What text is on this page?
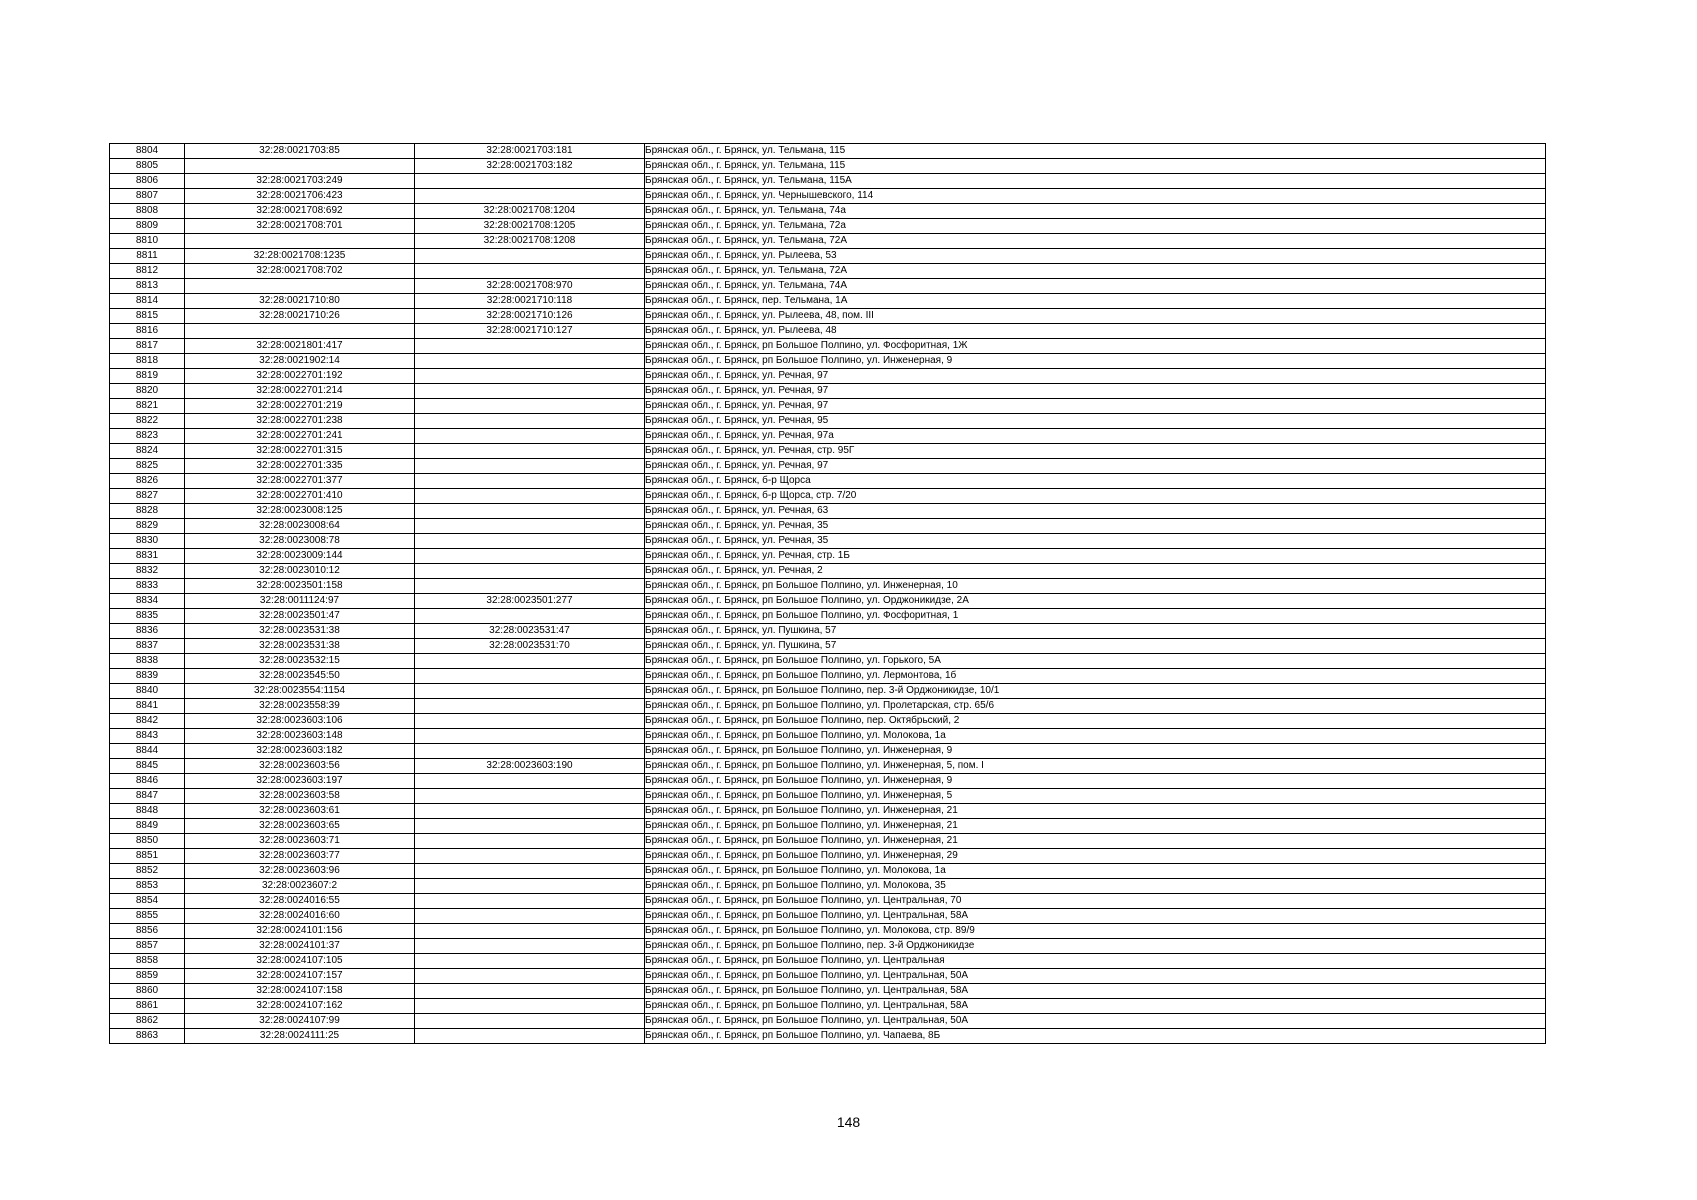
8804	32:28:0021703:85	32:28:0021703:181	Брянская обл., г. Брянск, ул. Тельмана, 115
8805		32:28:0021703:182	Брянская обл., г. Брянск, ул. Тельмана, 115
8806	32:28:0021703:249		Брянская обл., г. Брянск, ул. Тельмана, 115А
8807	32:28:0021706:423		Брянская обл., г. Брянск, ул. Чернышевского, 114
8808	32:28:0021708:692	32:28:0021708:1204	Брянская обл., г. Брянск, ул. Тельмана, 74а
8809	32:28:0021708:701	32:28:0021708:1205	Брянская обл., г. Брянск, ул. Тельмана, 72а
8810		32:28:0021708:1208	Брянская обл., г. Брянск, ул. Тельмана, 72А
8811	32:28:0021708:1235		Брянская обл., г. Брянск, ул. Рылеева, 53
8812	32:28:0021708:702		Брянская обл., г. Брянск, ул. Тельмана, 72А
8813		32:28:0021708:970	Брянская обл., г. Брянск, ул. Тельмана, 74А
8814	32:28:0021710:80	32:28:0021710:118	Брянская обл., г. Брянск, пер. Тельмана, 1А
8815	32:28:0021710:26	32:28:0021710:126	Брянская обл., г. Брянск, ул. Рылеева, 48, пом. III
8816		32:28:0021710:127	Брянская обл., г. Брянск, ул. Рылеева, 48
8817	32:28:0021801:417		Брянская обл., г. Брянск, рп Большое Полпино, ул. Фосфоритная, 1Ж
8818	32:28:0021902:14		Брянская обл., г. Брянск, рп Большое Полпино, ул. Инженерная, 9
8819	32:28:0022701:192		Брянская обл., г. Брянск, ул. Речная, 97
8820	32:28:0022701:214		Брянская обл., г. Брянск, ул. Речная, 97
8821	32:28:0022701:219		Брянская обл., г. Брянск, ул. Речная, 97
8822	32:28:0022701:238		Брянская обл., г. Брянск, ул. Речная, 95
8823	32:28:0022701:241		Брянская обл., г. Брянск, ул. Речная, 97а
8824	32:28:0022701:315		Брянская обл., г. Брянск, ул. Речная, стр. 95Г
8825	32:28:0022701:335		Брянская обл., г. Брянск, ул. Речная, 97
8826	32:28:0022701:377		Брянская обл., г. Брянск, б-р Щорса
8827	32:28:0022701:410		Брянская обл., г. Брянск, б-р Щорса, стр. 7/20
8828	32:28:0023008:125		Брянская обл., г. Брянск, ул. Речная, 63
8829	32:28:0023008:64		Брянская обл., г. Брянск, ул. Речная, 35
8830	32:28:0023008:78		Брянская обл., г. Брянск, ул. Речная, 35
8831	32:28:0023009:144		Брянская обл., г. Брянск, ул. Речная, стр. 1Б
8832	32:28:0023010:12		Брянская обл., г. Брянск, ул. Речная, 2
8833	32:28:0023501:158		Брянская обл., г. Брянск, рп Большое Полпино, ул. Инженерная, 10
8834	32:28:0011124:97	32:28:0023501:277	Брянская обл., г. Брянск, рп Большое Полпино, ул. Орджоникидзе, 2А
8835	32:28:0023501:47		Брянская обл., г. Брянск, рп Большое Полпино, ул. Фосфоритная, 1
8836	32:28:0023531:38	32:28:0023531:47	Брянская обл., г. Брянск, ул. Пушкина, 57
8837	32:28:0023531:38	32:28:0023531:70	Брянская обл., г. Брянск, ул. Пушкина, 57
8838	32:28:0023532:15		Брянская обл., г. Брянск, рп Большое Полпино, ул. Горького, 5А
8839	32:28:0023545:50		Брянская обл., г. Брянск, рп Большое Полпино, ул. Лермонтова, 1б
8840	32:28:0023554:1154		Брянская обл., г. Брянск, рп Большое Полпино, пер. 3-й Орджоникидзе, 10/1
8841	32:28:0023558:39		Брянская обл., г. Брянск, рп Большое Полпино, ул. Пролетарская, стр. 65/6
8842	32:28:0023603:106		Брянская обл., г. Брянск, рп Большое Полпино, пер. Октябрьский, 2
8843	32:28:0023603:148		Брянская обл., г. Брянск, рп Большое Полпино, ул. Молокова, 1а
8844	32:28:0023603:182		Брянская обл., г. Брянск, рп Большое Полпино, ул. Инженерная, 9
8845	32:28:0023603:56	32:28:0023603:190	Брянская обл., г. Брянск, рп Большое Полпино, ул. Инженерная, 5, пом. I
8846	32:28:0023603:197		Брянская обл., г. Брянск, рп Большое Полпино, ул. Инженерная, 9
8847	32:28:0023603:58		Брянская обл., г. Брянск, рп Большое Полпино, ул. Инженерная, 5
8848	32:28:0023603:61		Брянская обл., г. Брянск, рп Большое Полпино, ул. Инженерная, 21
8849	32:28:0023603:65		Брянская обл., г. Брянск, рп Большое Полпино, ул. Инженерная, 21
8850	32:28:0023603:71		Брянская обл., г. Брянск, рп Большое Полпино, ул. Инженерная, 21
8851	32:28:0023603:77		Брянская обл., г. Брянск, рп Большое Полпино, ул. Инженерная, 29
8852	32:28:0023603:96		Брянская обл., г. Брянск, рп Большое Полпино, ул. Молокова, 1а
8853	32:28:0023607:2		Брянская обл., г. Брянск, рп Большое Полпино, ул. Молокова, 35
8854	32:28:0024016:55		Брянская обл., г. Брянск, рп Большое Полпино, ул. Центральная, 70
8855	32:28:0024016:60		Брянская обл., г. Брянск, рп Большое Полпино, ул. Центральная, 58А
8856	32:28:0024101:156		Брянская обл., г. Брянск, рп Большое Полпино, ул. Молокова, стр. 89/9
8857	32:28:0024101:37		Брянская обл., г. Брянск, рп Большое Полпино, пер. 3-й Орджоникидзе
8858	32:28:0024107:105		Брянская обл., г. Брянск, рп Большое Полпино, ул. Центральная
8859	32:28:0024107:157		Брянская обл., г. Брянск, рп Большое Полпино, ул. Центральная, 50А
8860	32:28:0024107:158		Брянская обл., г. Брянск, рп Большое Полпино, ул. Центральная, 58А
8861	32:28:0024107:162		Брянская обл., г. Брянск, рп Большое Полпино, ул. Центральная, 58А
8862	32:28:0024107:99		Брянская обл., г. Брянск, рп Большое Полпино, ул. Центральная, 50А
8863	32:28:0024111:25		Брянская обл., г. Брянск, рп Большое Полпино, ул. Чапаева, 8Б
148
